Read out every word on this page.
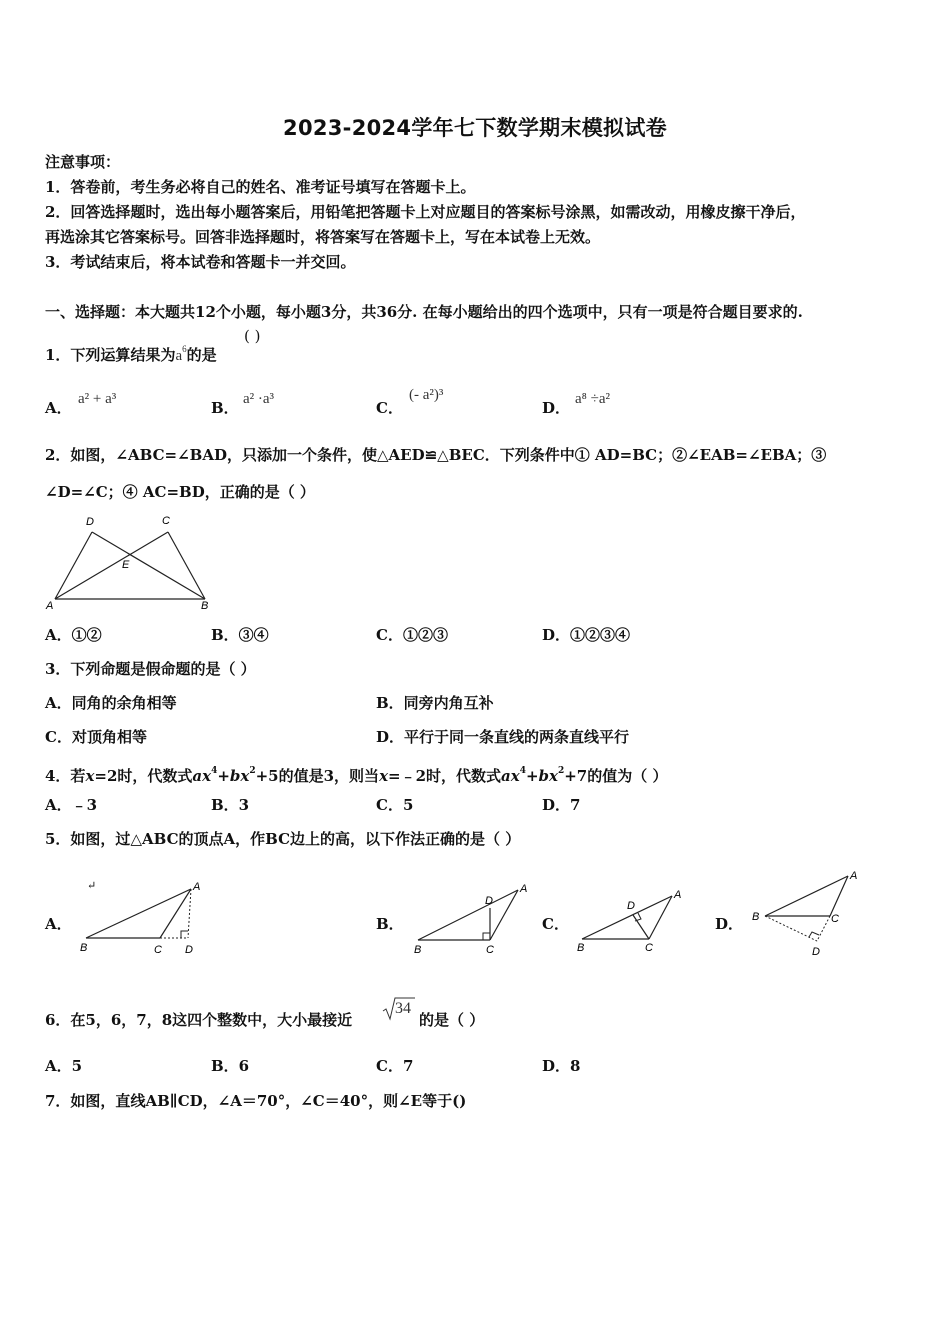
2023-2024学年七下数学期末模拟试卷
注意事项：
1．答卷前，考生务必将自己的姓名、准考证号填写在答题卡上。
2．回答选择题时，选出每小题答案后，用铅笔把答题卡上对应题目的答案标号涂黑，如需改动，用橡皮擦干净后，
再选涂其它答案标号。回答非选择题时，将答案写在答题卡上，写在本试卷上无效。
3．考试结束后，将本试卷和答题卡一并交回。
一、选择题：本大题共12个小题，每小题3分，共36分. 在每小题给出的四个选项中，只有一项是符合题目要求的.
1．下列运算结果为$a^6$的是
( )
A． a² + a³	B． a² ·a³	C．
(- a²)³
D． a⁸ ÷a²
2．如图，∠ABC=∠BAD，只添加一个条件，使△AED≌△BEC．下列条件中① AD=BC；②∠EAB=∠EBA；③
∠D=∠C；④ AC=BD，正确的是（ ）
D	C
E
A	B
A．①②	B．③④	C．①②③	D．①②③④
3．下列命题是假命题的是（ ）
A．同角的余角相等	B．同旁内角互补
C．对顶角相等	D．平行于同一条直线的两条直线平行
4．若x=2时，代数式$ax^4+bx^2+5$的值是3，则当x=﹣2时，代数式$ax^4+bx^2+7$的值为（ ）
A．﹣3	B．3	C．5	D．7
5．如图，过△ABC的顶点A，作BC边上的高，以下作法正确的是（ ）
A．
↵	A
B	C D
B．
A
D
B	C
C．
A
D
B	C
D．
A
B	C
D
6．在5，6，7，8这四个整数中，大小最接近
34
的是（ ）
A．5	B．6	C．7	D．8
7．如图，直线AB∥CD，∠A＝70°，∠C＝40°，则∠E等于()
